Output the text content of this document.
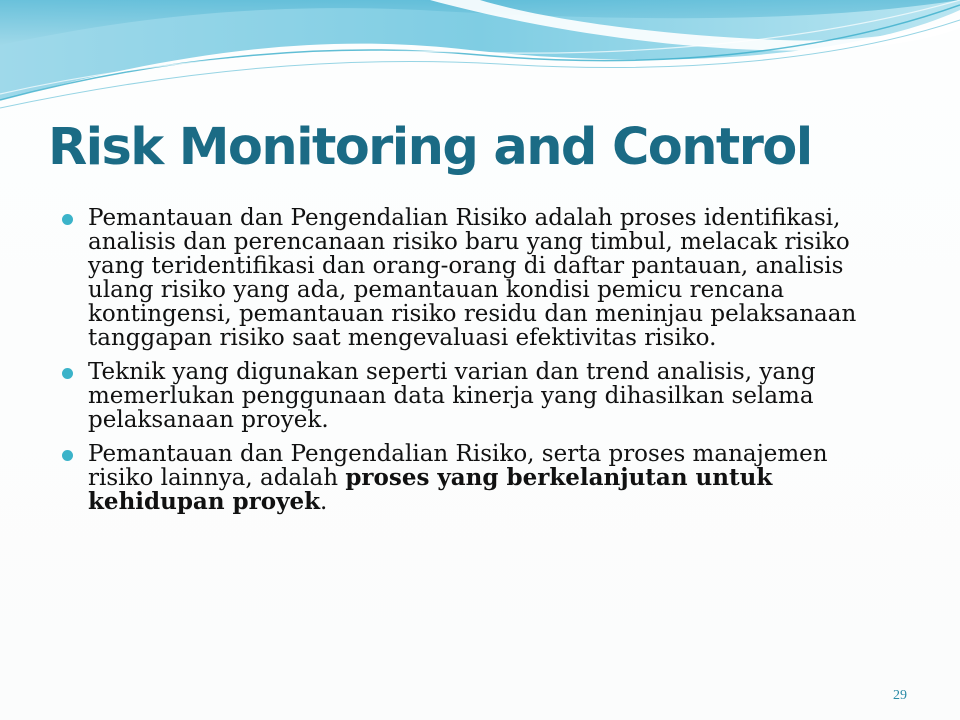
Risk Monitoring and Control
Pemantauan dan Pengendalian Risiko adalah proses identifikasi, analisis dan perencanaan risiko baru yang timbul, melacak risiko yang teridentifikasi dan orang-orang di daftar pantauan, analisis ulang risiko yang ada, pemantauan kondisi pemicu rencana kontingensi, pemantauan risiko residu dan meninjau pelaksanaan tanggapan risiko saat mengevaluasi efektivitas risiko.
Teknik yang digunakan seperti varian dan trend analisis, yang memerlukan penggunaan data kinerja yang dihasilkan selama pelaksanaan proyek.
Pemantauan dan Pengendalian Risiko, serta proses manajemen risiko lainnya, adalah proses yang berkelanjutan untuk kehidupan proyek.
29
